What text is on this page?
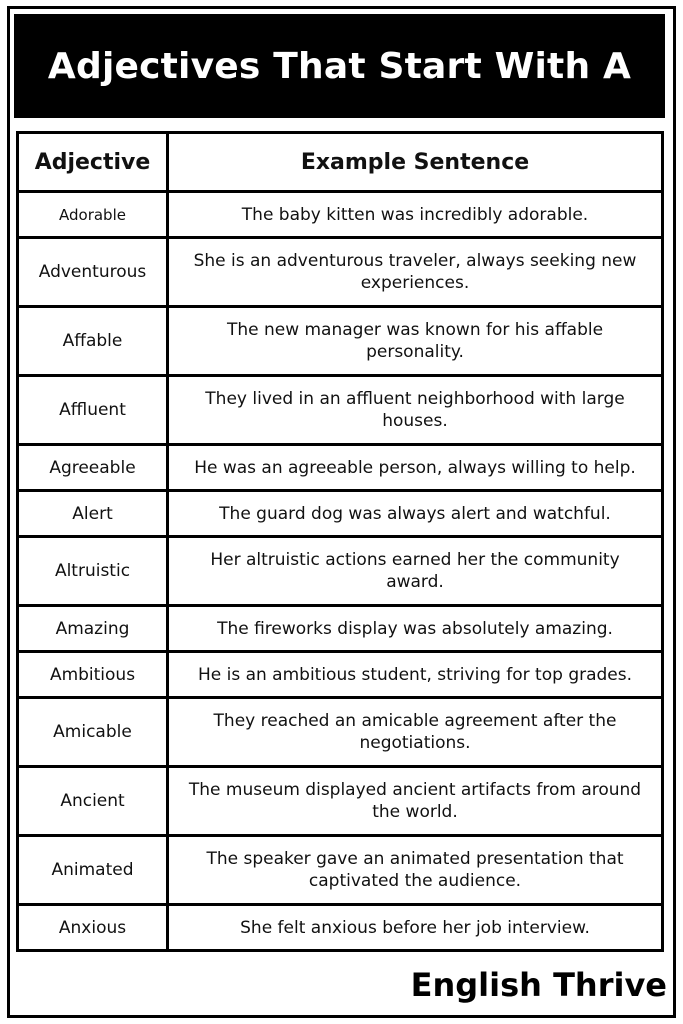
Adjectives That Start With A
Adjective	Example Sentence
Adorable	The baby kitten was incredibly adorable.
Adventurous	She is an adventurous traveler, always seeking new experiences.
Affable	The new manager was known for his affable personality.
Affluent	They lived in an affluent neighborhood with large houses.
Agreeable	He was an agreeable person, always willing to help.
Alert	The guard dog was always alert and watchful.
Altruistic	Her altruistic actions earned her the community award.
Amazing	The fireworks display was absolutely amazing.
Ambitious	He is an ambitious student, striving for top grades.
Amicable	They reached an amicable agreement after the negotiations.
Ancient	The museum displayed ancient artifacts from around the world.
Animated	The speaker gave an animated presentation that captivated the audience.
Anxious	She felt anxious before her job interview.
English Thrive
